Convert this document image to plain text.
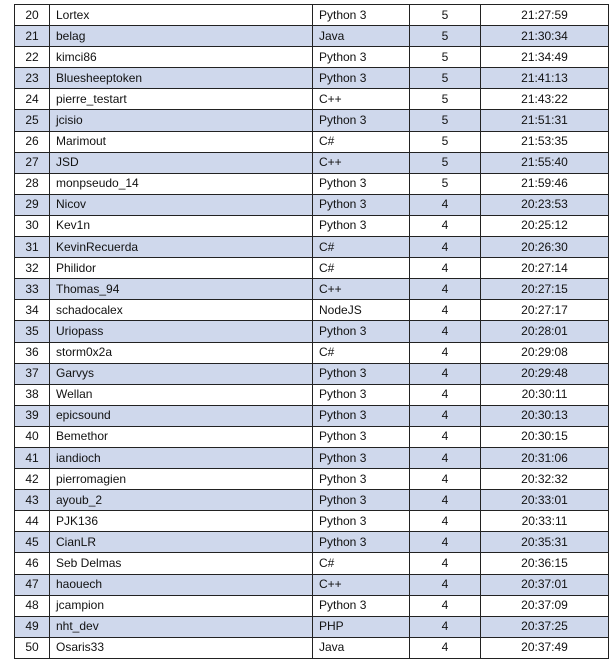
20	Lortex	Python 3	5	21:27:59
21	belag	Java	5	21:30:34
22	kimci86	Python 3	5	21:34:49
23	Bluesheeptoken	Python 3	5	21:41:13
24	pierre_testart	C++	5	21:43:22
25	jcisio	Python 3	5	21:51:31
26	Marimout	C#	5	21:53:35
27	JSD	C++	5	21:55:40
28	monpseudo_14	Python 3	5	21:59:46
29	Nicov	Python 3	4	20:23:53
30	Kev1n	Python 3	4	20:25:12
31	KevinRecuerda	C#	4	20:26:30
32	Philidor	C#	4	20:27:14
33	Thomas_94	C++	4	20:27:15
34	schadocalex	NodeJS	4	20:27:17
35	Uriopass	Python 3	4	20:28:01
36	storm0x2a	C#	4	20:29:08
37	Garvys	Python 3	4	20:29:48
38	Wellan	Python 3	4	20:30:11
39	epicsound	Python 3	4	20:30:13
40	Bemethor	Python 3	4	20:30:15
41	iandioch	Python 3	4	20:31:06
42	pierromagien	Python 3	4	20:32:32
43	ayoub_2	Python 3	4	20:33:01
44	PJK136	Python 3	4	20:33:11
45	CianLR	Python 3	4	20:35:31
46	Seb Delmas	C#	4	20:36:15
47	haouech	C++	4	20:37:01
48	jcampion	Python 3	4	20:37:09
49	nht_dev	PHP	4	20:37:25
50	Osaris33	Java	4	20:37:49
